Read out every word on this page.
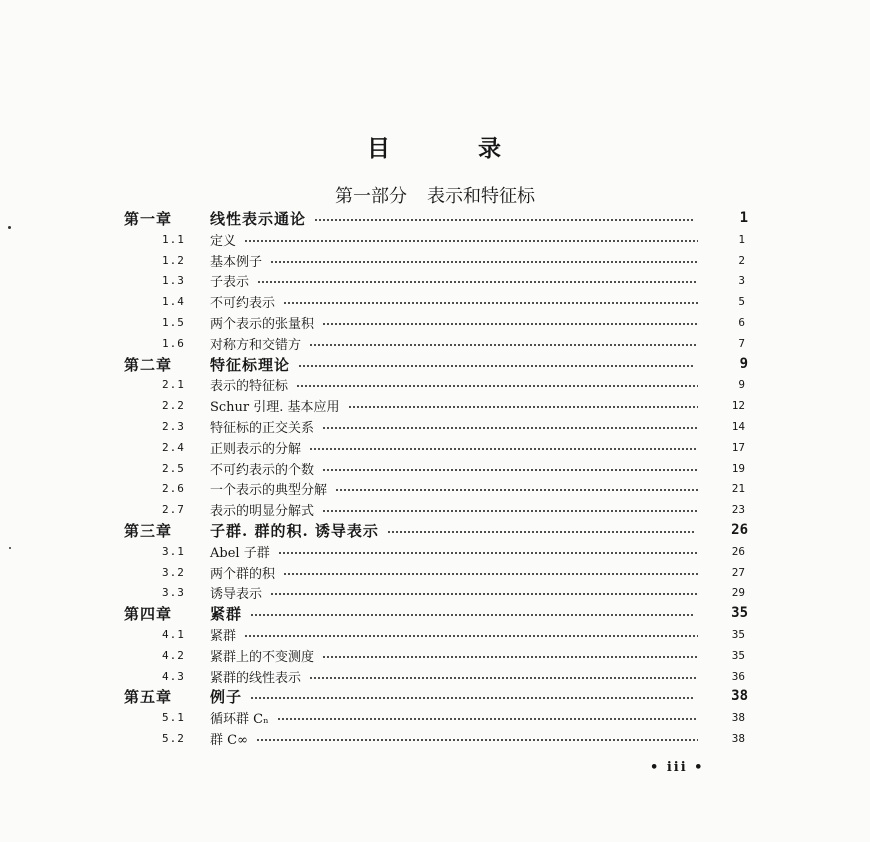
目	录
第一部分 表示和特征标
第一章	线性表示通论	1
1.1	定义	1
1.2	基本例子	2
1.3	子表示	3
1.4	不可约表示	5
1.5	两个表示的张量积	6
1.6	对称方和交错方	7
第二章	特征标理论	9
2.1	表示的特征标	9
2.2	Schur 引理. 基本应用	12
2.3	特征标的正交关系	14
2.4	正则表示的分解	17
2.5	不可约表示的个数	19
2.6	一个表示的典型分解	21
2.7	表示的明显分解式	23
第三章	子群. 群的积. 诱导表示	26
3.1	Abel 子群	26
3.2	两个群的积	27
3.3	诱导表示	29
第四章	紧群	35
4.1	紧群	35
4.2	紧群上的不变测度	35
4.3	紧群的线性表示	36
第五章	例子	38
5.1	循环群 Cₙ	38
5.2	群 C∞	38
• iii •
